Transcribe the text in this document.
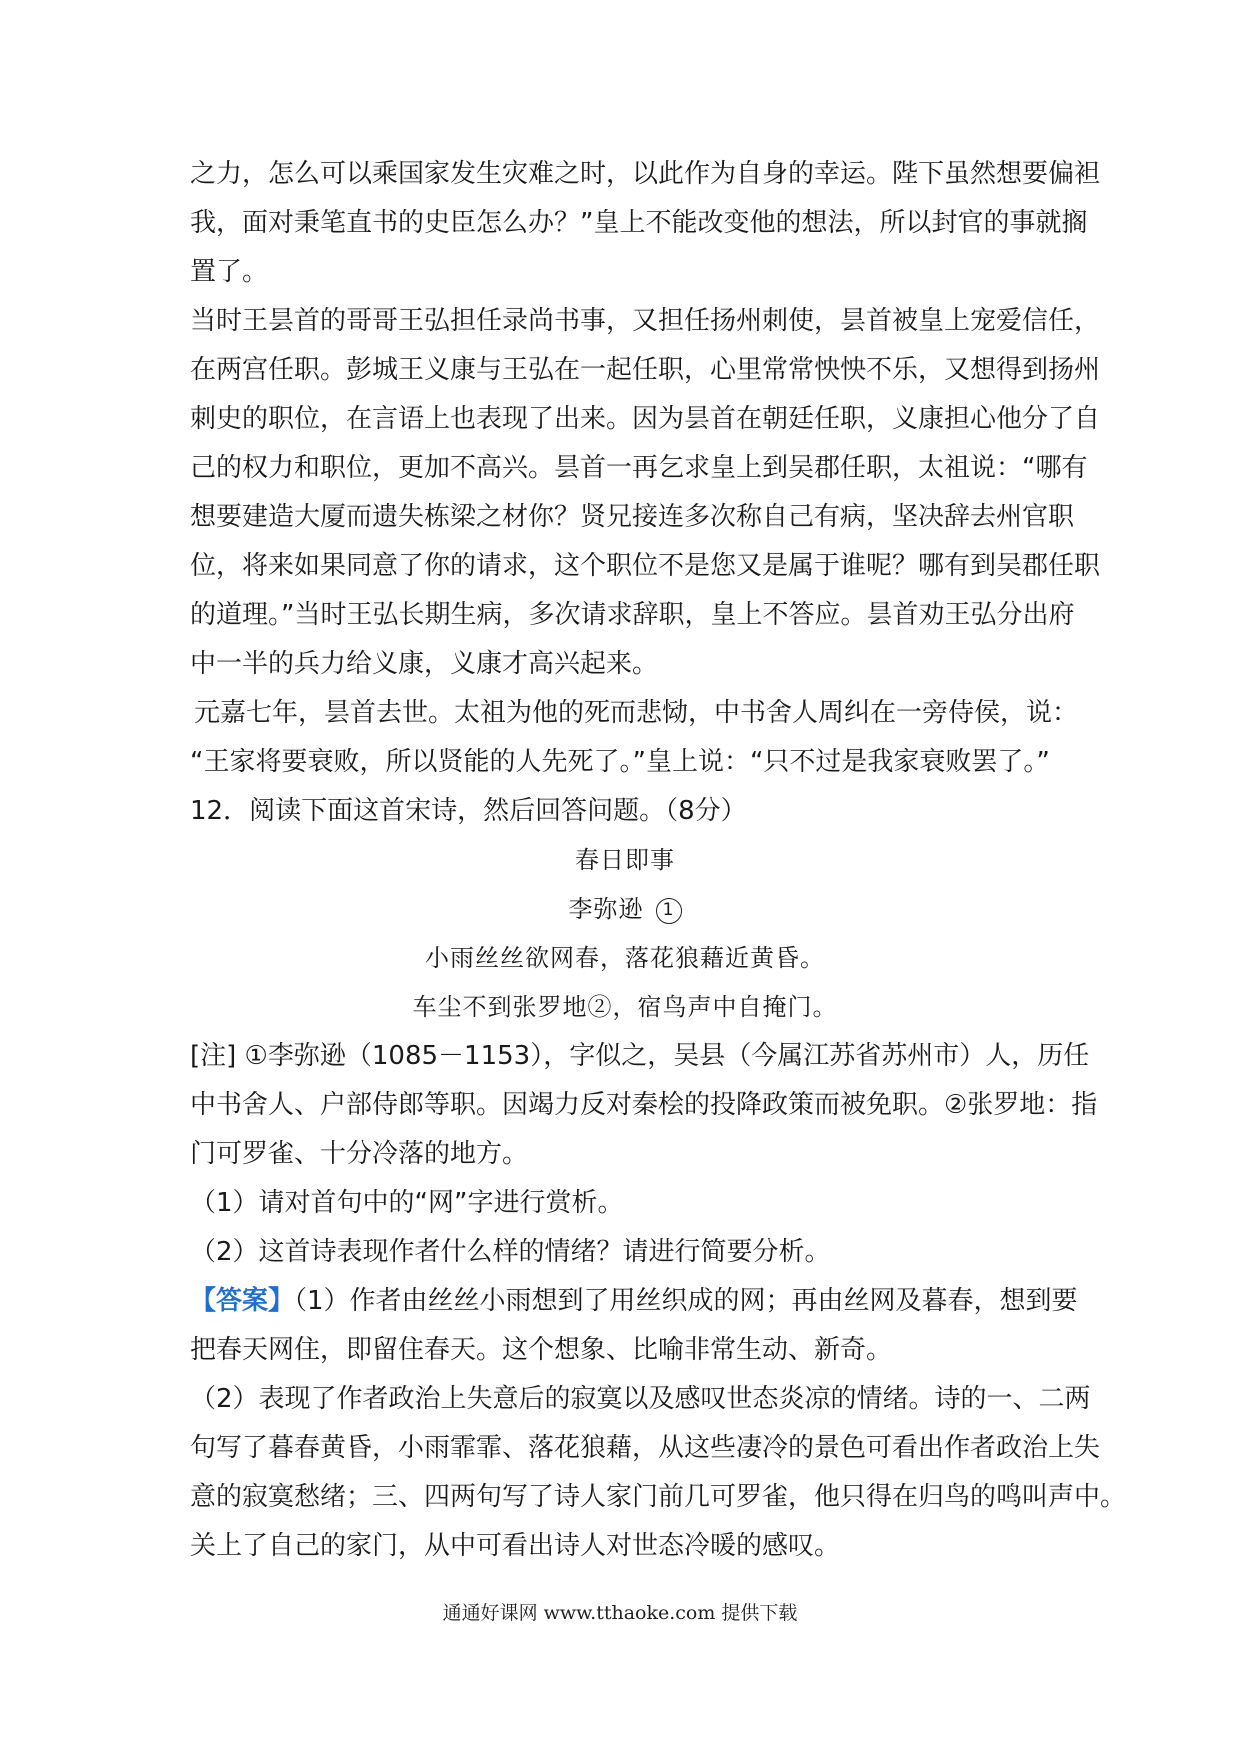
之力，怎么可以乘国家发生灾难之时，以此作为自身的幸运。陛下虽然想要偏袒
我，面对秉笔直书的史臣怎么办？”皇上不能改变他的想法，所以封官的事就搁
置了。

当时王昙首的哥哥王弘担任录尚书事，又担任扬州刺使，昙首被皇上宠爱信任，
在两宫任职。彭城王义康与王弘在一起任职，心里常常怏怏不乐，又想得到扬州
刺史的职位，在言语上也表现了出来。因为昙首在朝廷任职，义康担心他分了自
己的权力和职位，更加不高兴。昙首一再乞求皇上到吴郡任职，太祖说：“哪有
想要建造大厦而遗失栋梁之材你？贤兄接连多次称自己有病，坚决辞去州官职
位，将来如果同意了你的请求，这个职位不是您又是属于谁呢？哪有到吴郡任职
的道理。”当时王弘长期生病，多次请求辞职，皇上不答应。昙首劝王弘分出府
中一半的兵力给义康，义康才高兴起来。

元嘉七年，昙首去世。太祖为他的死而悲恸，中书舍人周纠在一旁侍侯，说：
“王家将要衰败，所以贤能的人先死了。”皇上说：“只不过是我家衰败罢了。”

12．阅读下面这首宋诗，然后回答问题。（8分）

春日即事
李弥逊 1
小雨丝丝欲网春，落花狼藉近黄昏。
车尘不到张罗地②，宿鸟声中自掩门。

[注] ①李弥逊（1085－1153），字似之，吴县（今属江苏省苏州市）人，历任
中书舍人、户部侍郎等职。因竭力反对秦桧的投降政策而被免职。②张罗地：指
门可罗雀、十分冷落的地方。

（1）请对首句中的“网”字进行赏析。
（2）这首诗表现作者什么样的情绪？请进行简要分析。

【答案】（1）作者由丝丝小雨想到了用丝织成的网；再由丝网及暮春，想到要
把春天网住，即留住春天。这个想象、比喻非常生动、新奇。

（2）表现了作者政治上失意后的寂寞以及感叹世态炎凉的情绪。诗的一、二两
句写了暮春黄昏，小雨霏霏、落花狼藉，从这些凄冷的景色可看出作者政治上失
意的寂寞愁绪；三、四两句写了诗人家门前几可罗雀，他只得在归鸟的鸣叫声中。
关上了自己的家门，从中可看出诗人对世态冷暖的感叹。

通通好课网 www.tthaoke.com 提供下载
